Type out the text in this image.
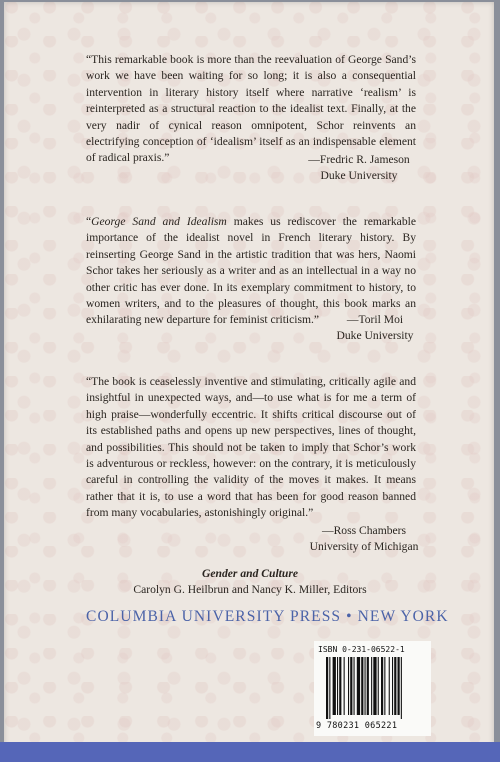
“This remarkable book is more than the reevaluation of George Sand’s work we have been waiting for so long; it is also a consequential intervention in literary history itself where narrative ‘realism’ is reinterpreted as a structural reaction to the idealist text. Finally, at the very nadir of cynical reason omnipotent, Schor reinvents an electrifying conception of ‘idealism’ itself as an indispensable element of radical praxis.”	—Fredric R. Jameson
Duke University

“George Sand and Idealism makes us rediscover the remarkable importance of the idealist novel in French literary history. By reinserting George Sand in the artistic tradition that was hers, Naomi Schor takes her seriously as a writer and as an intellectual in a way no other critic has ever done. In its exemplary commitment to history, to women writers, and to the pleasures of thought, this book marks an exhilarating new departure for feminist criticism.”	—Toril Moi
Duke University

“The book is ceaselessly inventive and stimulating, critically agile and insightful in unexpected ways, and—to use what is for me a term of high praise—wonderfully eccentric. It shifts critical discourse out of its established paths and opens up new perspectives, lines of thought, and possibilities. This should not be taken to imply that Schor’s work is adventurous or reckless, however: on the contrary, it is meticulously careful in controlling the validity of the moves it makes. It means rather that it is, to use a word that has been for good reason banned from many vocabularies, astonishingly original.”

—Ross Chambers
University of Michigan
Gender and Culture
Carolyn G. Heilbrun and Nancy K. Miller, Editors
COLUMBIA UNIVERSITY PRESS • NEW YORK
ISBN 0-231-06522-1
9 780231 065221
